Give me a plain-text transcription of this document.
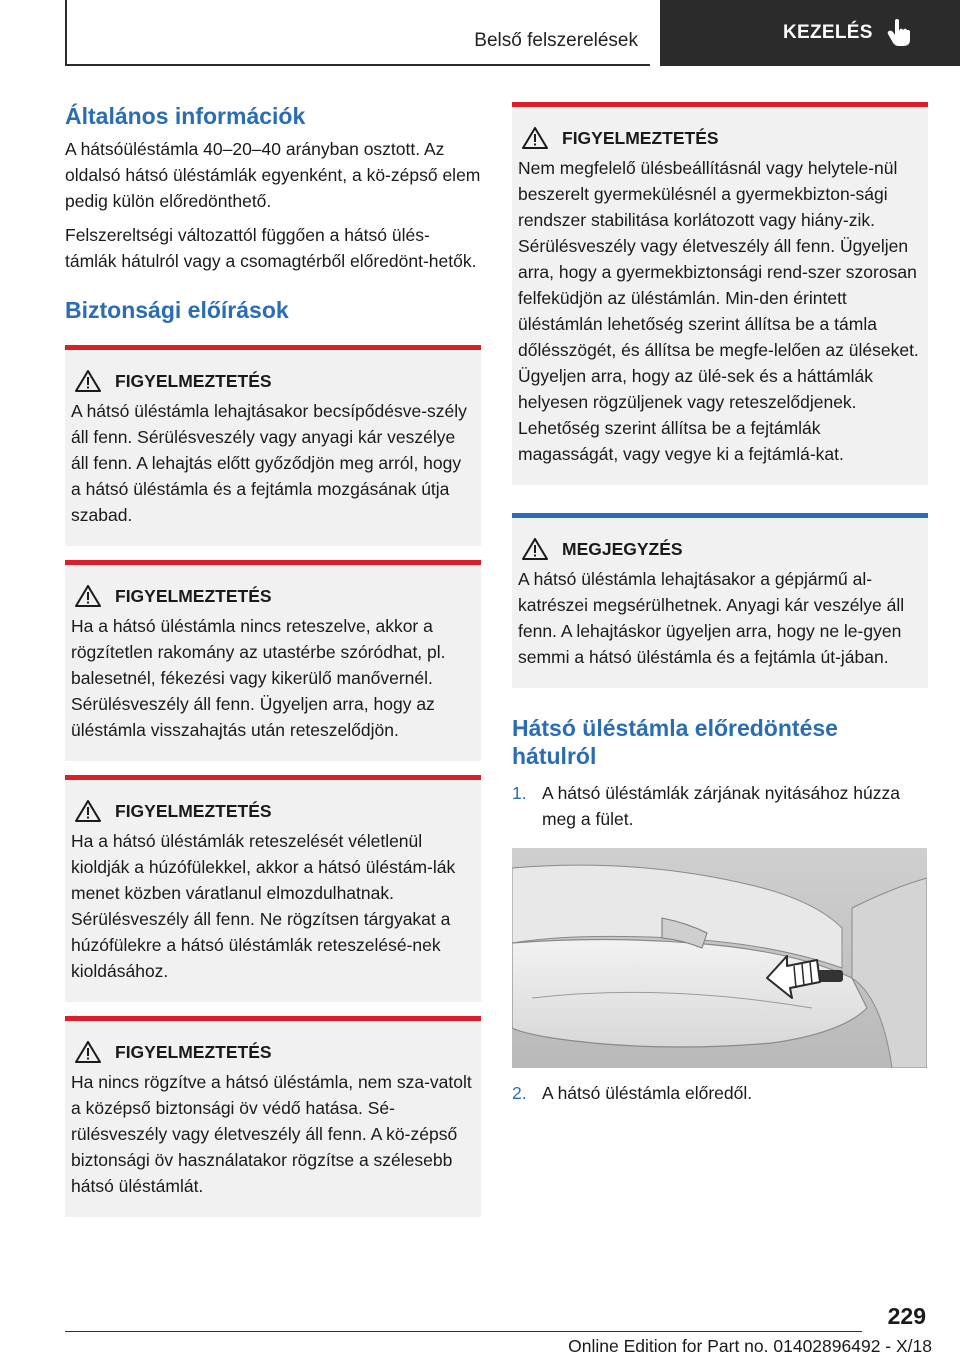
Belső felszerelések	KEZELÉS
Általános információk

A hátsóüléstámla 40–20–40 arányban osztott. Az oldalsó hátsó üléstámlák egyenként, a kö-zépső elem pedig külön előredönthető.

Felszereltségi változattól függően a hátsó ülés-támlák hátulról vagy a csomagtérből előredönt-hetők.

Biztonsági előírások
FIGYELMEZTETÉS
A hátsó üléstámla lehajtásakor becsípődésve-szély áll fenn. Sérülésveszély vagy anyagi kár veszélye áll fenn. A lehajtás előtt győződjön meg arról, hogy a hátsó üléstámla és a fejtámla mozgásának útja szabad.
FIGYELMEZTETÉS
Ha a hátsó üléstámla nincs reteszelve, akkor a rögzítetlen rakomány az utastérbe szóródhat, pl. balesetnél, fékezési vagy kikerülő manővernél. Sérülésveszély áll fenn. Ügyeljen arra, hogy az üléstámla visszahajtás után reteszelődjön.
FIGYELMEZTETÉS
Ha a hátsó üléstámlák reteszelését véletlenül kioldják a húzófülekkel, akkor a hátsó üléstám-lák menet közben váratlanul elmozdulhatnak. Sérülésveszély áll fenn. Ne rögzítsen tárgyakat a húzófülekre a hátsó üléstámlák reteszelésé-nek kioldásához.
FIGYELMEZTETÉS
Ha nincs rögzítve a hátsó üléstámla, nem sza-vatolt a középső biztonsági öv védő hatása. Sé-rülésveszély vagy életveszély áll fenn. A kö-zépső biztonsági öv használatakor rögzítse a szélesebb hátsó üléstámlát.
FIGYELMEZTETÉS
Nem megfelelő ülésbeállításnál vagy helytele-nül beszerelt gyermekülésnél a gyermekbizton-sági rendszer stabilitása korlátozott vagy hiány-zik. Sérülésveszély vagy életveszély áll fenn. Ügyeljen arra, hogy a gyermekbiztonsági rend-szer szorosan felfeküdjön az üléstámlán. Min-den érintett üléstámlán lehetőség szerint állítsa be a támla dőlésszögét, és állítsa be megfe-lelően az üléseket. Ügyeljen arra, hogy az ülé-sek és a háttámlák helyesen rögzüljenek vagy reteszelődjenek. Lehetőség szerint állítsa be a fejtámlák magasságát, vagy vegye ki a fejtámlá-kat.
MEGJEGYZÉS
A hátsó üléstámla lehajtásakor a gépjármű al-katrészei megsérülhetnek. Anyagi kár veszélye áll fenn. A lehajtáskor ügyeljen arra, hogy ne le-gyen semmi a hátsó üléstámla és a fejtámla út-jában.
Hátsó üléstámla előredöntése hátulról
1. A hátsó üléstámlák zárjának nyitásához húzza meg a fület.
2. A hátsó üléstámla előredől.
229
Online Edition for Part no. 01402896492 - X/18
